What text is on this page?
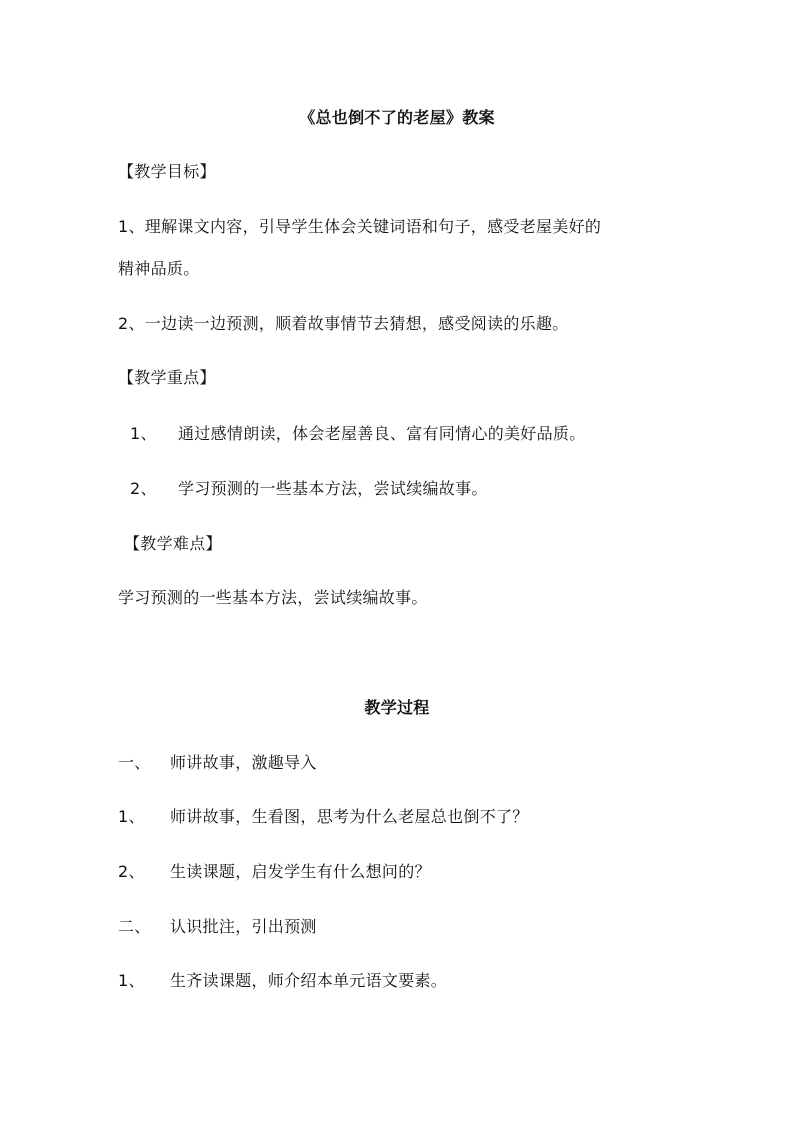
《总也倒不了的老屋》教案
【教学目标】
1、理解课文内容，引导学生体会关键词语和句子，感受老屋美好的
精神品质。
2、一边读一边预测，顺着故事情节去猜想，感受阅读的乐趣。
【教学重点】
1、 通过感情朗读，体会老屋善良、富有同情心的美好品质。
2、 学习预测的一些基本方法，尝试续编故事。
【教学难点】
学习预测的一些基本方法，尝试续编故事。
教学过程
一、 师讲故事，激趣导入
1、 师讲故事，生看图，思考为什么老屋总也倒不了？
2、 生读课题，启发学生有什么想问的？
二、 认识批注，引出预测
1、 生齐读课题，师介绍本单元语文要素。
